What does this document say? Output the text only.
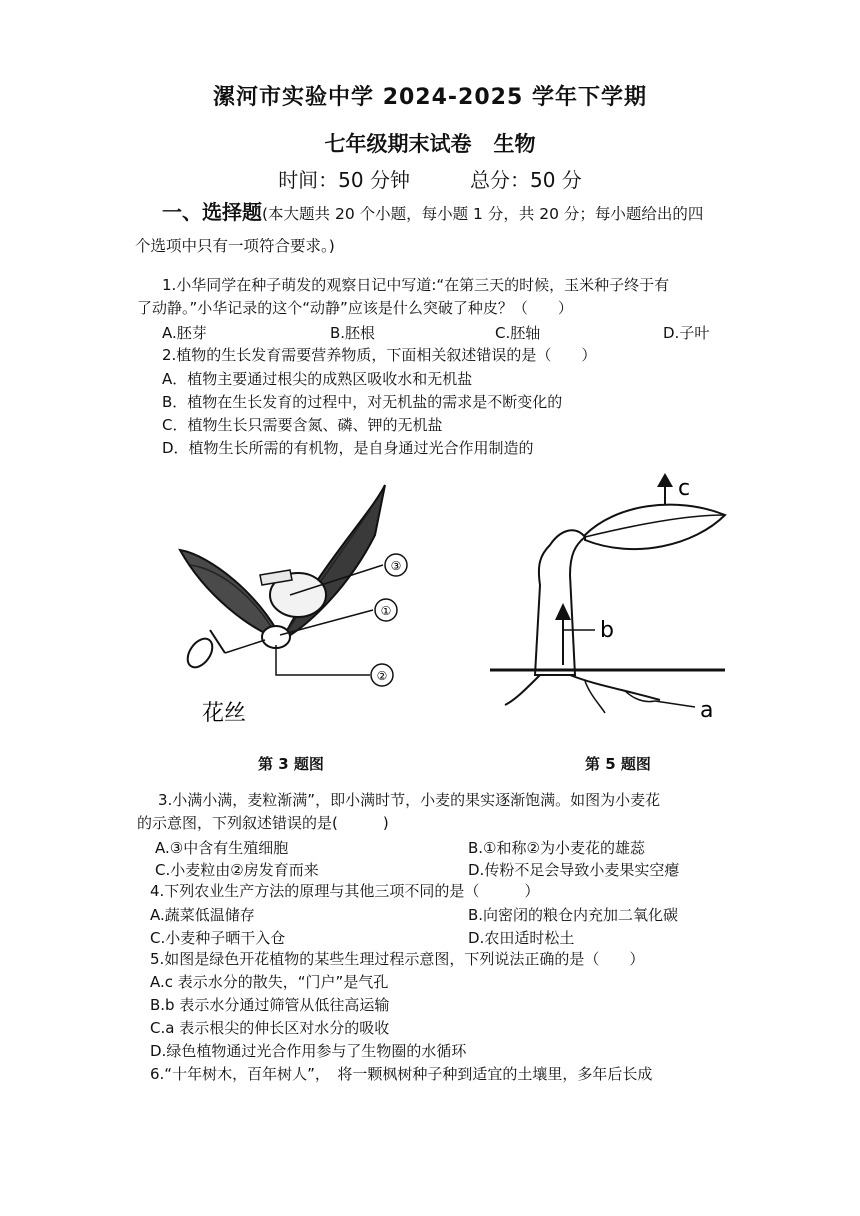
漯河市实验中学 2024-2025 学年下学期
七年级期末试卷 生物
时间：50 分钟	总分：50 分
一、选择题(本大题共 20 个小题，每小题 1 分，共 20 分；每小题给出的四
个选项中只有一项符合要求。)
1.小华同学在种子萌发的观察日记中写道:“在第三天的时候，玉米种子终于有
了动静。”小华记录的这个“动静”应该是什么突破了种皮？（　　）
A.胚芽	B.胚根	C.胚轴	D.子叶
2.植物的生长发育需要营养物质，下面相关叙述错误的是（　　）
A．植物主要通过根尖的成熟区吸收水和无机盐
B．植物在生长发育的过程中，对无机盐的需求是不断变化的
C．植物生长只需要含氮、磷、钾的无机盐
D．植物生长所需的有机物，是自身通过光合作用制造的
③
①
②
花丝
c
b
a
第 3 题图	第 5 题图
3.小满小满，麦粒渐满”，即小满时节，小麦的果实逐渐饱满。如图为小麦花
的示意图，下列叙述错误的是(　　　)
A.③中含有生殖细胞	B.①和称②为小麦花的雄蕊
C.小麦粒由②房发育而来	D.传粉不足会导致小麦果实空瘪
4.下列农业生产方法的原理与其他三项不同的是（　　　）
A.蔬菜低温储存	B.向密闭的粮仓内充加二氧化碳
C.小麦种子晒干入仓	D.农田适时松土
5.如图是绿色开花植物的某些生理过程示意图，下列说法正确的是（　　）
A.c 表示水分的散失，“门户”是气孔
B.b 表示水分通过筛管从低往高运输
C.a 表示根尖的伸长区对水分的吸收
D.绿色植物通过光合作用参与了生物圈的水循环
6.“十年树木，百年树人”，　将一颗枫树种子种到适宜的土壤里，多年后长成
